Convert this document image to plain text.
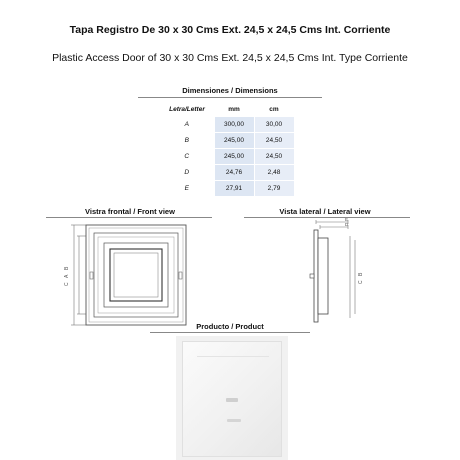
Tapa Registro De 30 x 30 Cms Ext. 24,5 x 24,5 Cms Int. Corriente
Plastic Access Door of 30 x 30 Cms Ext. 24,5 x 24,5 Cms Int. Type Corriente
Dimensiones / Dimensions
Letra/Letter	mm	cm
A	300,00	30,00
B	245,00	24,50
C	245,00	24,50
D	24,76	2,48
E	27,91	2,79
Vistra frontal / Front view
A
B
C
Vista lateral / Lateral view
E
D
B
C
Producto / Product
